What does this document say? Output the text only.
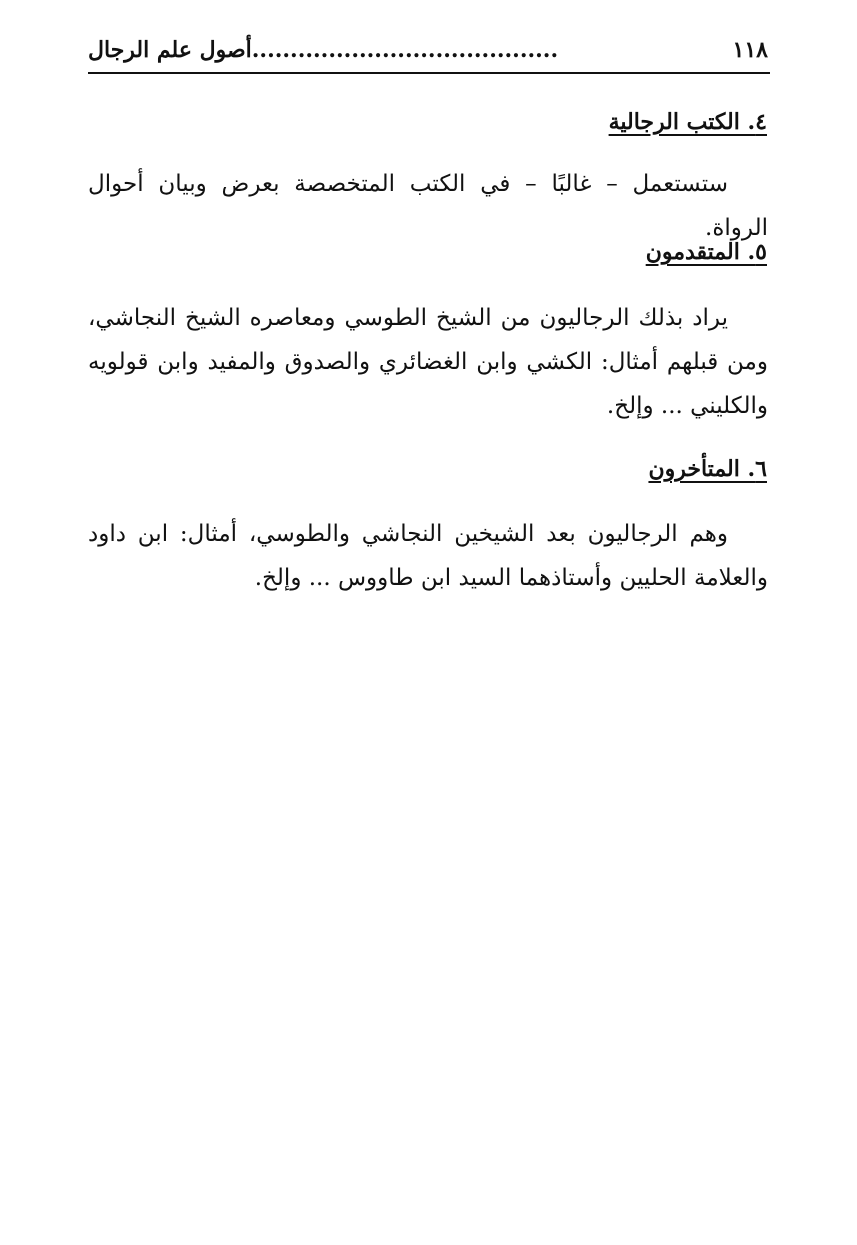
........................................أصول علم الرجال	١١٨
٤. الكتب الرجالية

ستستعمل – غالبًا – في الكتب المتخصصة بعرض وبيان أحوال الرواة.

٥. المتقدمون

يراد بذلك الرجاليون من الشيخ الطوسي ومعاصره الشيخ النجاشي، ومن قبلهم أمثال: الكشي وابن الغضائري والصدوق والمفيد وابن قولويه والكليني ... وإلخ.

٦. المتأخرون

وهم الرجاليون بعد الشيخين النجاشي والطوسي، أمثال: ابن داود والعلامة الحليين وأستاذهما السيد ابن طاووس ... وإلخ.
